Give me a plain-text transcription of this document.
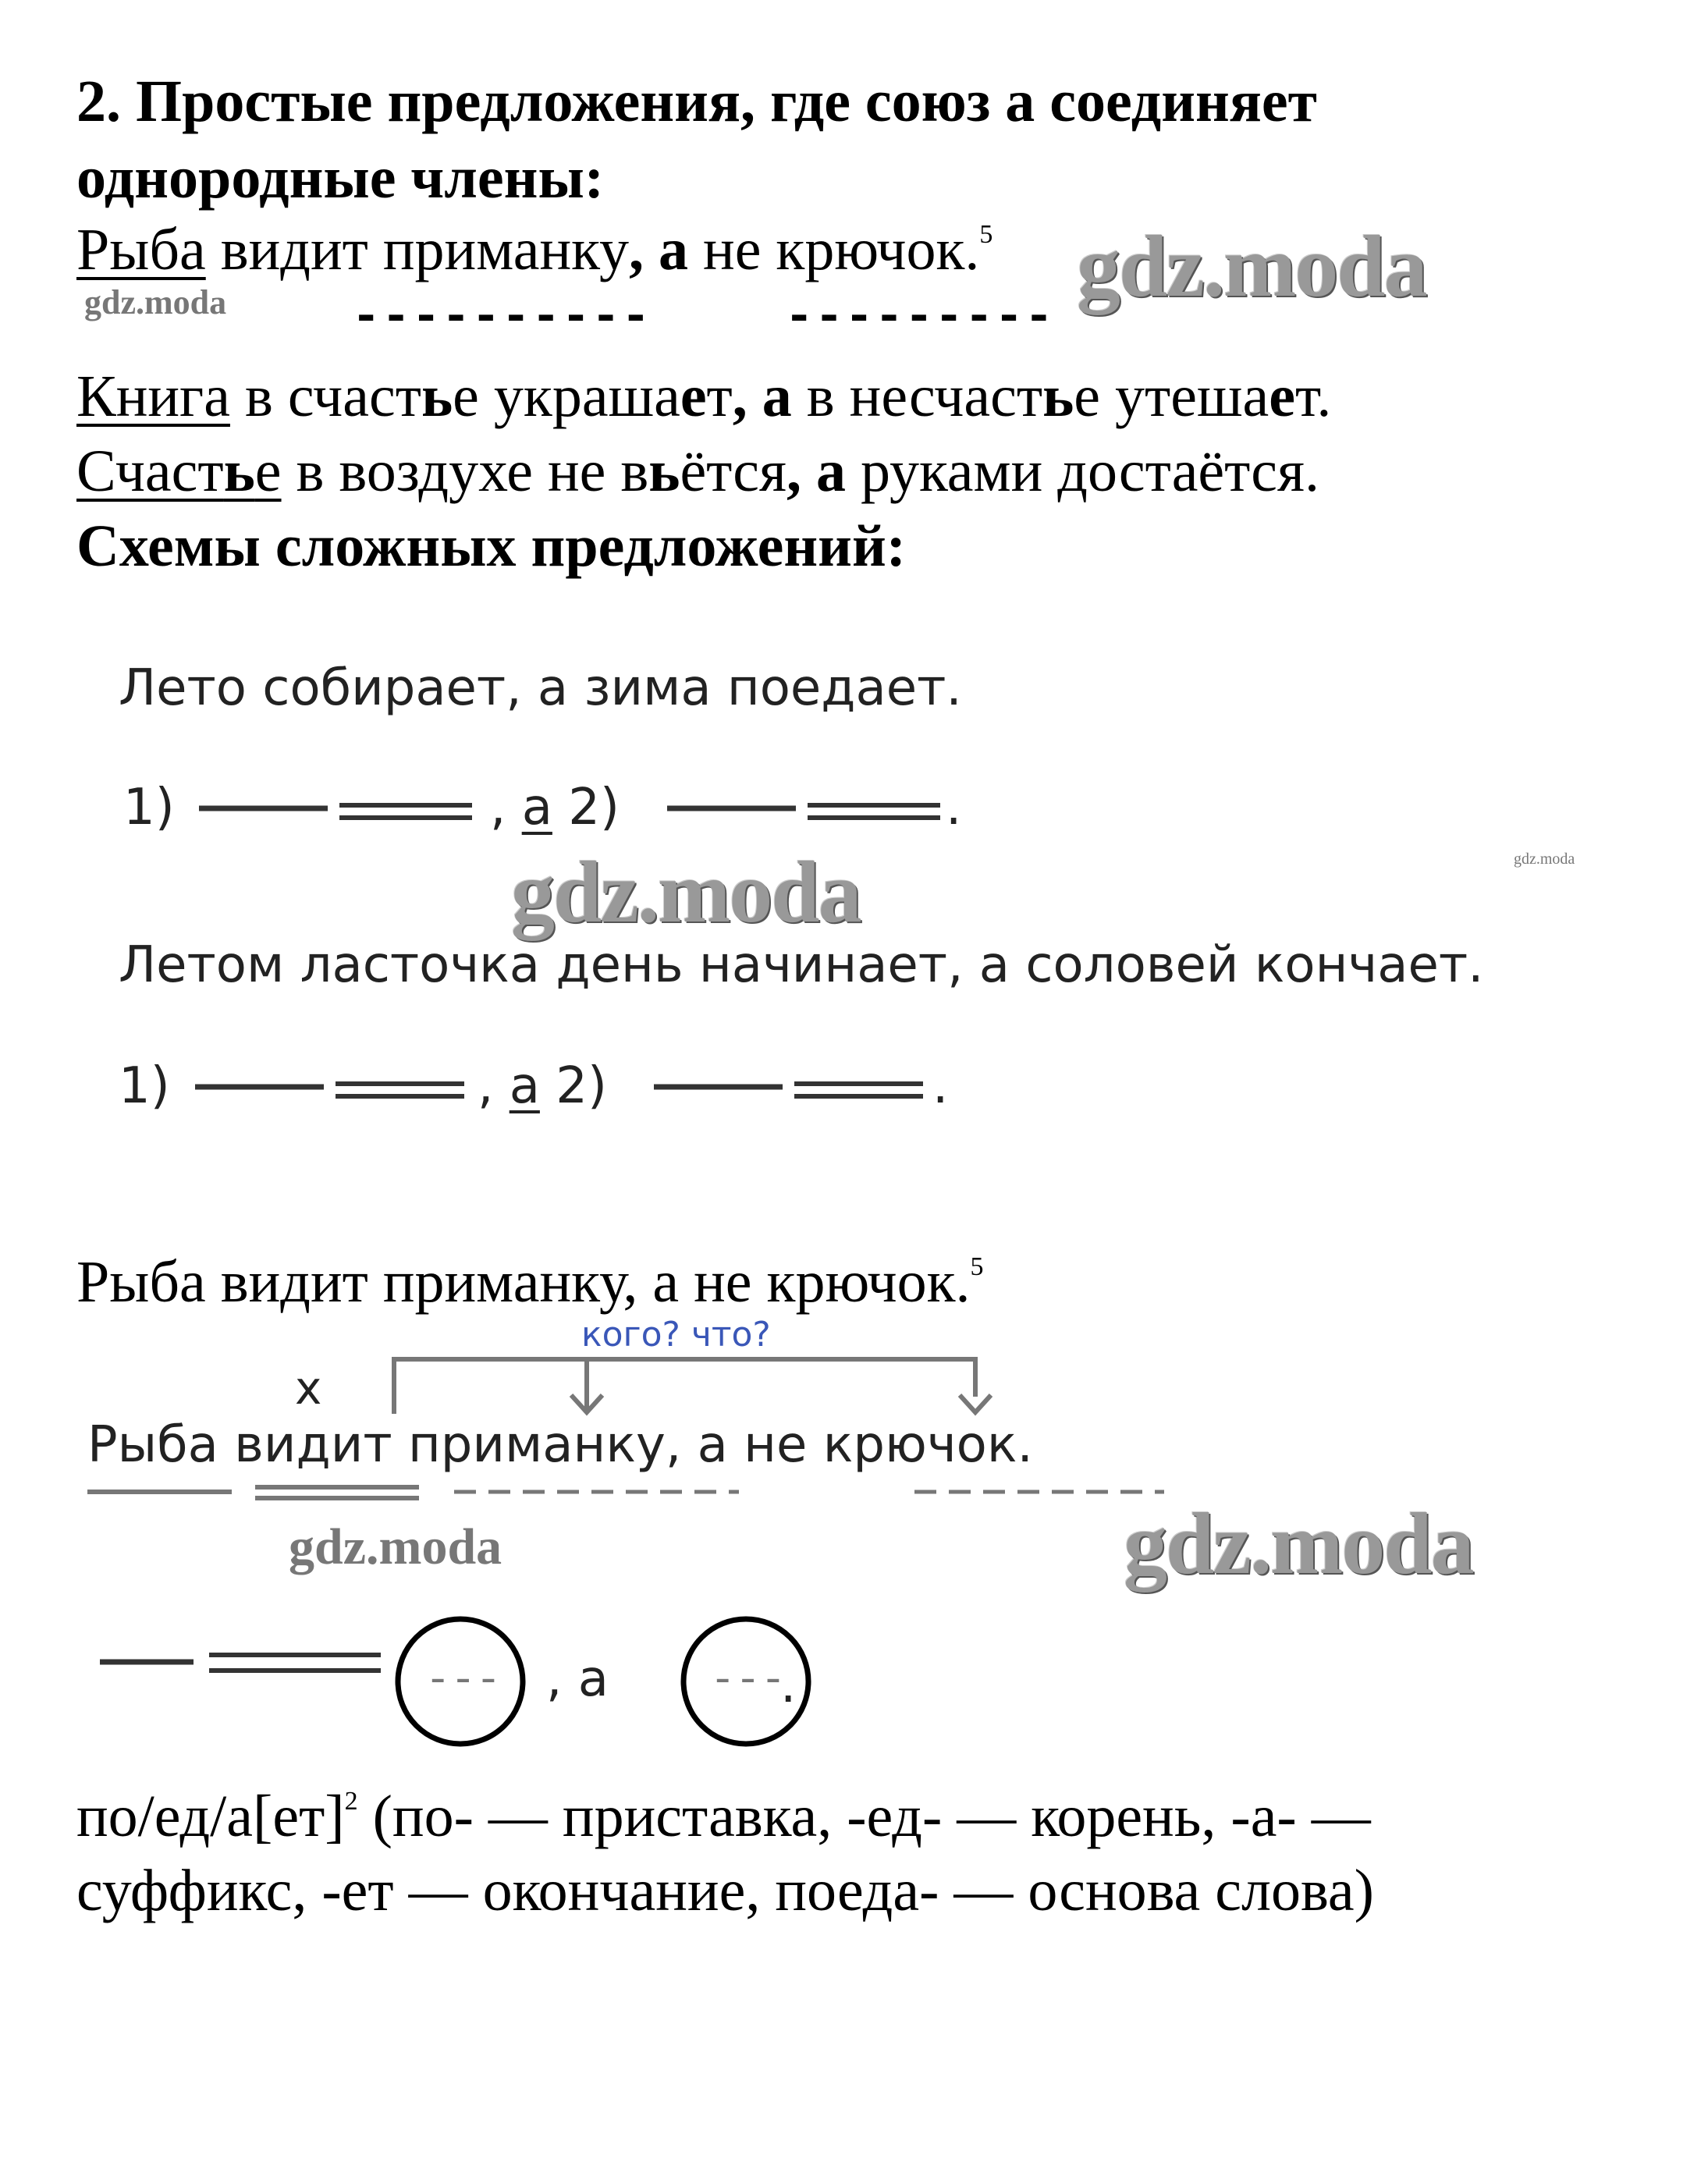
2. Простые предложения, где союз а соединяет
однородные члены:
Рыба видит приманку, а не крючок.$^5$ gdz.moda
gdz.moda ----------	---------
Книга в счастье украшает, а в несчастье утешает.
Счастье в воздухе не вьётся, а руками достаётся.
Схемы сложных предложений:
Лето собирает, а зима поедает.
1)	, а 2)	.
gdz.moda
gdz.moda
Летом ласточка день начинает, а соловей кончает.
1)	, а 2)	.
Рыба видит приманку, а не крючок.$^5$
кого? что?
x
Рыба видит приманку, а не крючок.
gdz.moda	gdz.moda
--- , а ---
.
по/ед/а[ет]$^2$ (по- — приставка, -ед- — корень, -а- —
суффикс, -ет — окончание, поеда- — основа слова)
